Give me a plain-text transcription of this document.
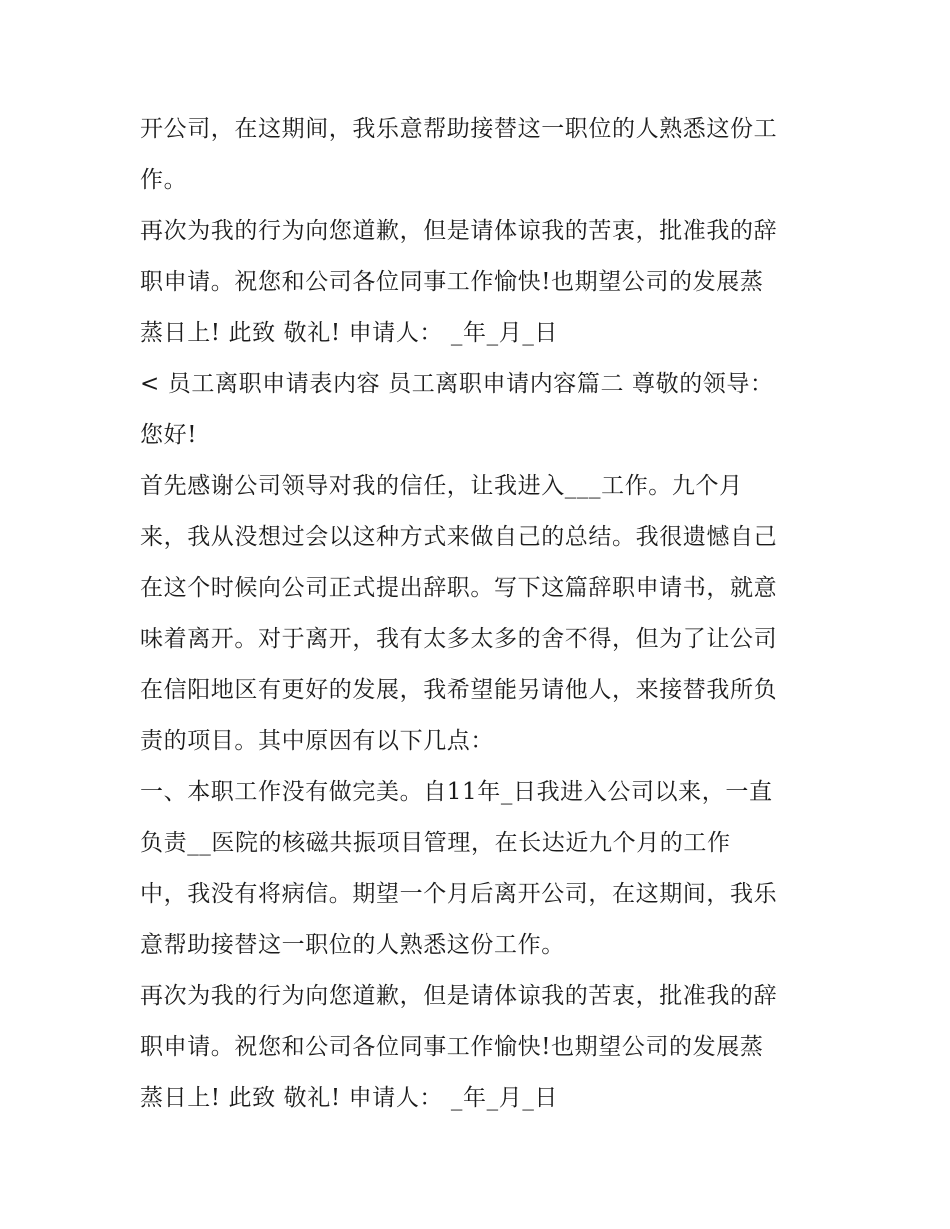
开公司，在这期间，我乐意帮助接替这一职位的人熟悉这份工
作。
再次为我的行为向您道歉，但是请体谅我的苦衷，批准我的辞
职申请。祝您和公司各位同事工作愉快!也期望公司的发展蒸
蒸日上! 此致 敬礼! 申请人： _年_月_日
< 员工离职申请表内容 员工离职申请内容篇二 尊敬的领导：
您好!
首先感谢公司领导对我的信任，让我进入___工作。九个月
来，我从没想过会以这种方式来做自己的总结。我很遗憾自己
在这个时候向公司正式提出辞职。写下这篇辞职申请书，就意
味着离开。对于离开，我有太多太多的舍不得，但为了让公司
在信阳地区有更好的发展，我希望能另请他人，来接替我所负
责的项目。其中原因有以下几点：
一、本职工作没有做完美。自11年_日我进入公司以来，一直
负责__医院的核磁共振项目管理，在长达近九个月的工作
中，我没有将病信。期望一个月后离开公司，在这期间，我乐
意帮助接替这一职位的人熟悉这份工作。
再次为我的行为向您道歉，但是请体谅我的苦衷，批准我的辞
职申请。祝您和公司各位同事工作愉快!也期望公司的发展蒸
蒸日上! 此致 敬礼! 申请人： _年_月_日
